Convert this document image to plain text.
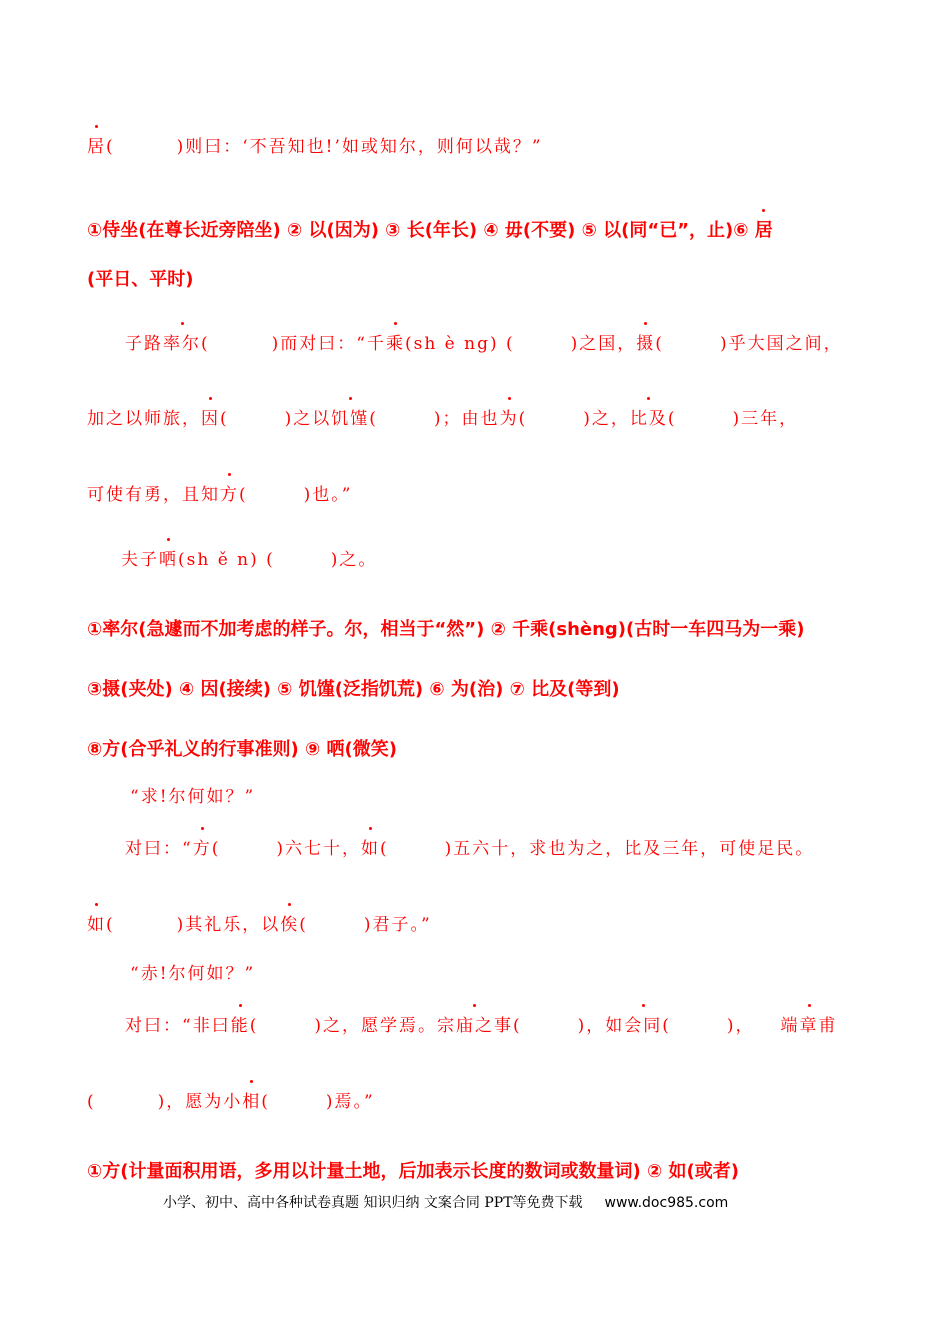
居(	)则曰：‘不吾知也!’如或知尔，则何以哉？”
①侍坐(在尊长近旁陪坐) ② 以(因为) ③ 长(年长) ④ 毋(不要) ⑤ 以(同“已”，止)⑥ 居
(平日、平时)
子路率尔(	)而对曰：“千乘(sh è ng) (	)之国，摄(	)乎大国之间，
加之以师旅，因(	)之以饥馑(	)；由也为(	)之，比及(	)三年，
可使有勇，且知方(	)也。”
夫子哂(sh ě n) (	)之。
①率尔(急遽而不加考虑的样子。尔，相当于“然”) ② 千乘(shèng)(古时一车四马为一乘)
③摄(夹处) ④ 因(接续) ⑤ 饥馑(泛指饥荒) ⑥ 为(治) ⑦ 比及(等到)
⑧方(合乎礼义的行事准则) ⑨ 哂(微笑)
“求!尔何如？”
对曰：“方(	)六七十，如(	)五六十，求也为之，比及三年，可使足民。
如(	)其礼乐，以俟(	)君子。”
“赤!尔何如？”
对曰：“非曰能(	)之，愿学焉。宗庙之事(	)，如会同(	)， 端章甫
(	)，愿为小相(	)焉。”
①方(计量面积用语，多用以计量土地，后加表示长度的数词或数量词) ② 如(或者)
小学、初中、高中各种试卷真题 知识归纳 文案合同 PPT等免费下载 www.doc985.com
